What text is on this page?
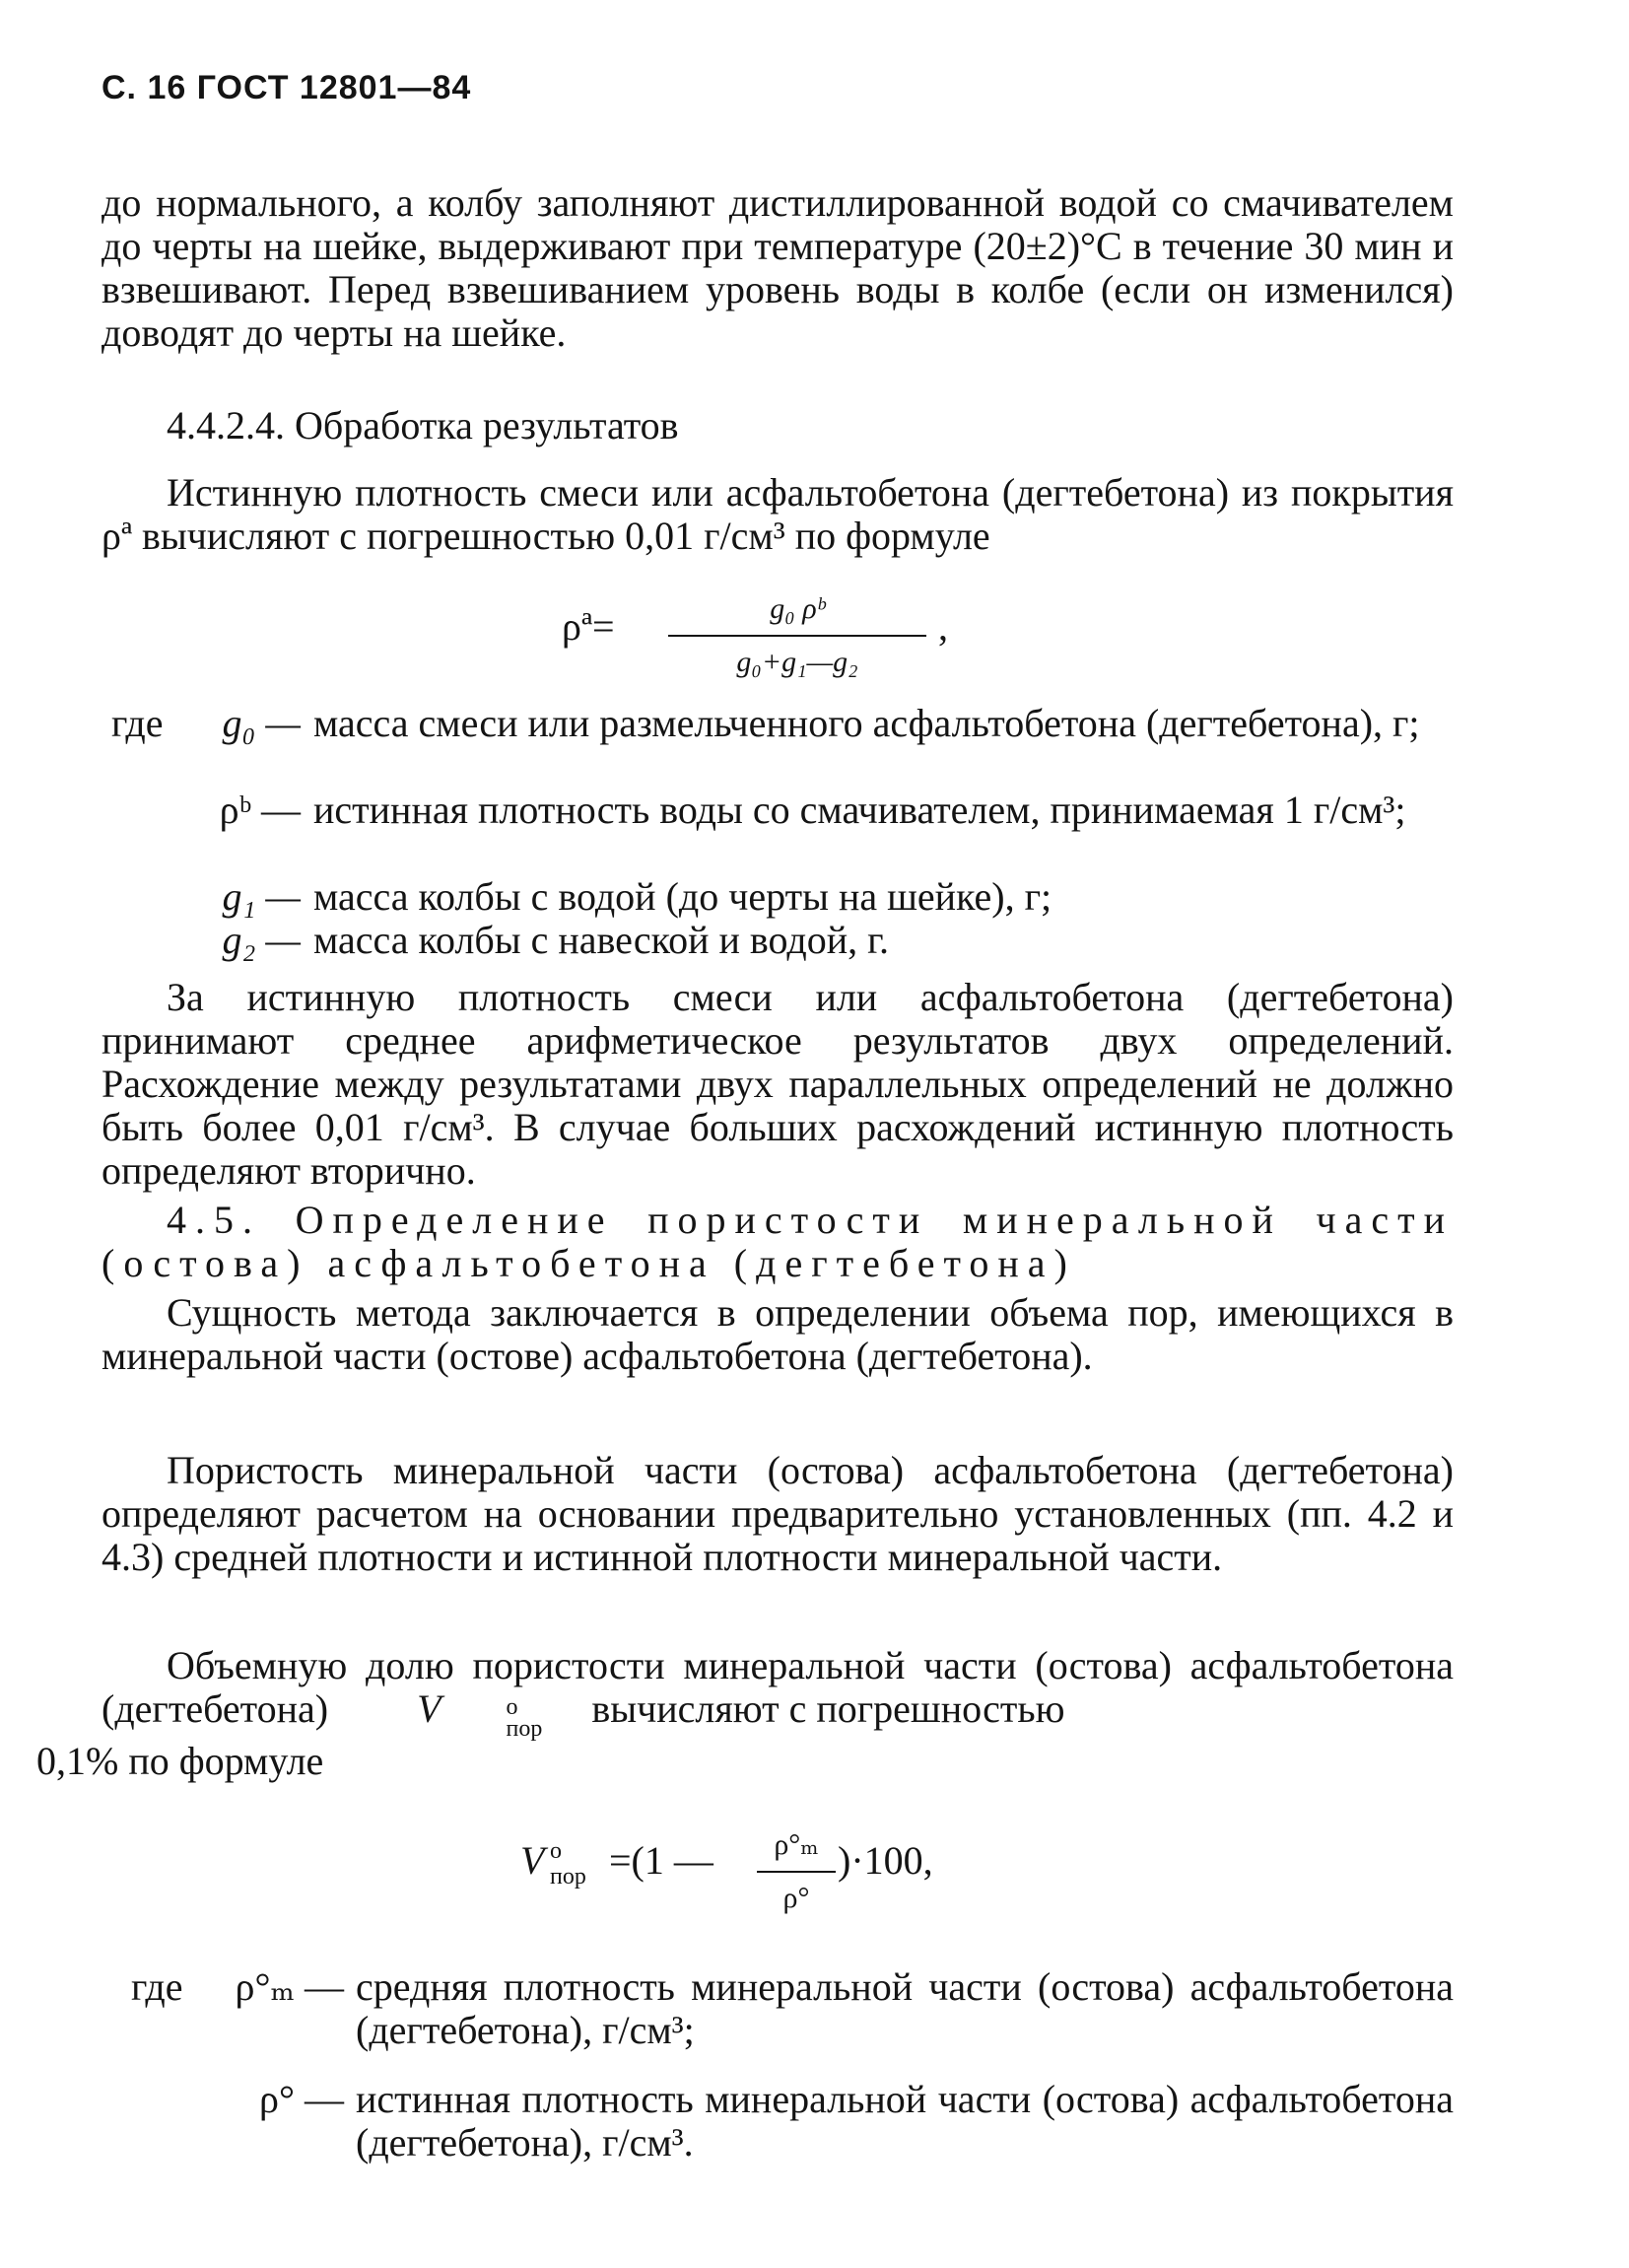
С. 16 ГОСТ 12801—84

до нормального, а колбу заполняют дистиллированной водой со смачивателем до черты на шейке, выдерживают при температуре (20±2)°С в течение 30 мин и взвешивают. Перед взвешиванием уровень воды в колбе (если он изменился) доводят до черты на шейке.

4.4.2.4. Обработка результатов

Истинную плотность смеси или асфальтобетона (дегтебетона) из покрытия ρª вычисляют с погрешностью 0,01 г/см³ по формуле

ρª=	g₀ ρᵇ
g₀+g₁—g₂
,
где	g₀ — масса смеси или размельченного асфальтобетона (дегтебетона), г;
ρᵇ — истинная плотность воды со смачивателем, принимаемая 1 г/см³;
g₁ — масса колбы с водой (до черты на шейке), г;
g₂ — масса колбы с навеской и водой, г.

За истинную плотность смеси или асфальтобетона (дегтебетона) принимают среднее арифметическое результатов двух определений. Расхождение между результатами двух параллельных определений не должно быть более 0,01 г/см³. В случае больших расхождений истинную плотность определяют вторично.

4.5. Определение пористости минеральной части (остова) асфальтобетона (дегтебетона)

Сущность метода заключается в определении объема пор, имеющихся в минеральной части (остове) асфальтобетона (дегтебетона).

Пористость минеральной части (остова) асфальтобетона (дегтебетона) определяют расчетом на основании предварительно установленных (пп. 4.2 и 4.3) средней плотности и истинной плотности минеральной части.

Объемную долю пористости минеральной части (остова) асфальтобетона (дегтебетона) V	о
пор вычисляют с погрешностью
0,1% по формуле
V о
пор =(1 —	ρ°ₘ
ρ°
)·100,
где	ρ°ₘ — средняя плотность минеральной части (остова) асфальтобетона (дегтебетона), г/см³;
ρ° — истинная плотность минеральной части (остова) асфальтобетона (дегтебетона), г/см³.
